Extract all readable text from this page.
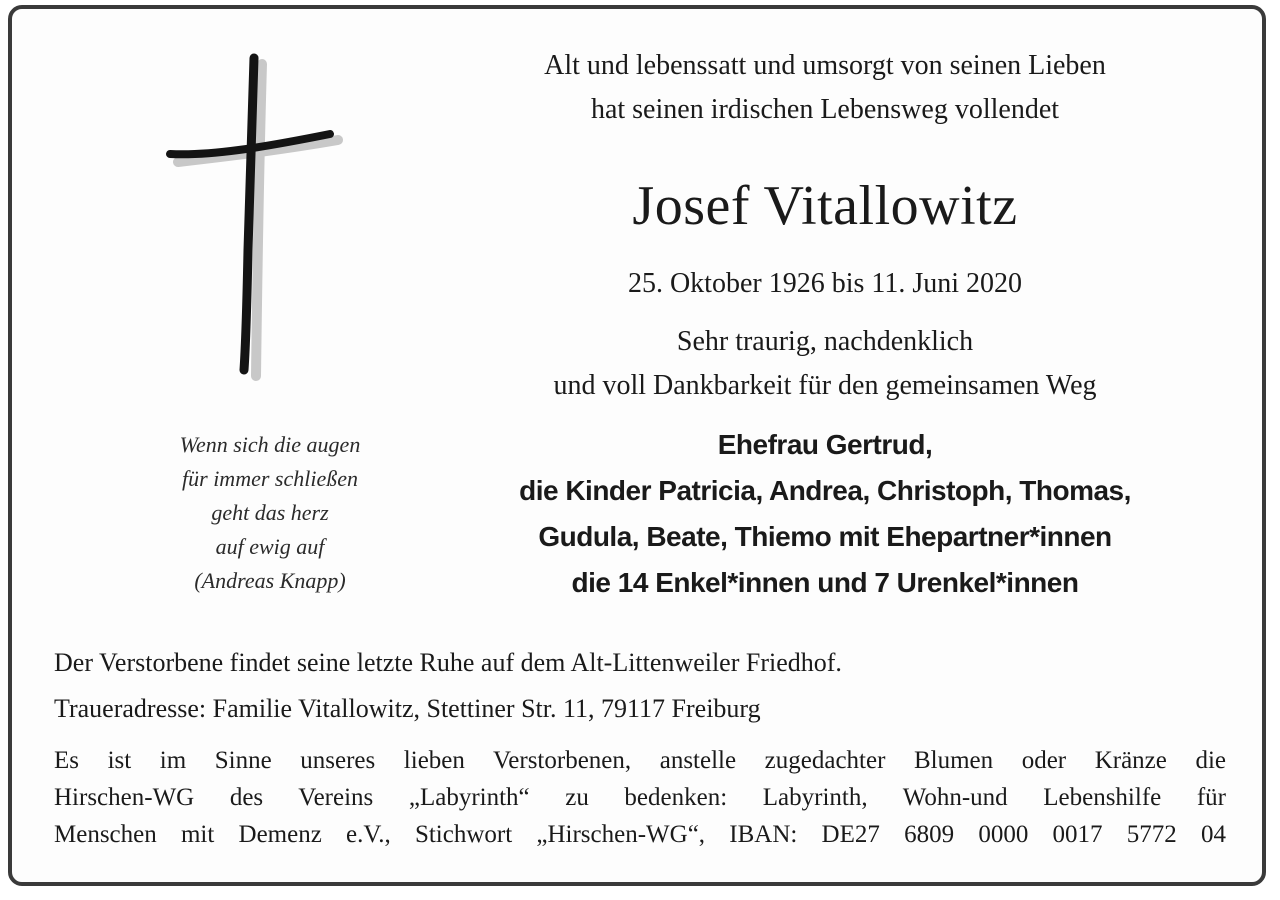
Wenn sich die augen
für immer schließen
geht das herz
auf ewig auf
(Andreas Knapp)
Alt und lebenssatt und umsorgt von seinen Lieben
hat seinen irdischen Lebensweg vollendet
Josef Vitallowitz
25. Oktober 1926 bis 11. Juni 2020
Sehr traurig, nachdenklich
und voll Dankbarkeit für den gemeinsamen Weg
Ehefrau Gertrud,
die Kinder Patricia, Andrea, Christoph, Thomas,
Gudula, Beate, Thiemo mit Ehepartner*innen
die 14 Enkel*innen und 7 Urenkel*innen
Der Verstorbene findet seine letzte Ruhe auf dem Alt-Littenweiler Friedhof.
Traueradresse: Familie Vitallowitz, Stettiner Str. 11, 79117 Freiburg
Es ist im Sinne unseres lieben Verstorbenen, anstelle zugedachter Blumen oder Kränze die
Hirschen-WG des Vereins „Labyrinth“ zu bedenken: Labyrinth, Wohn-und Lebenshilfe für
Menschen mit Demenz e.V., Stichwort „Hirschen-WG“, IBAN: DE27 6809 0000 0017 5772 04
